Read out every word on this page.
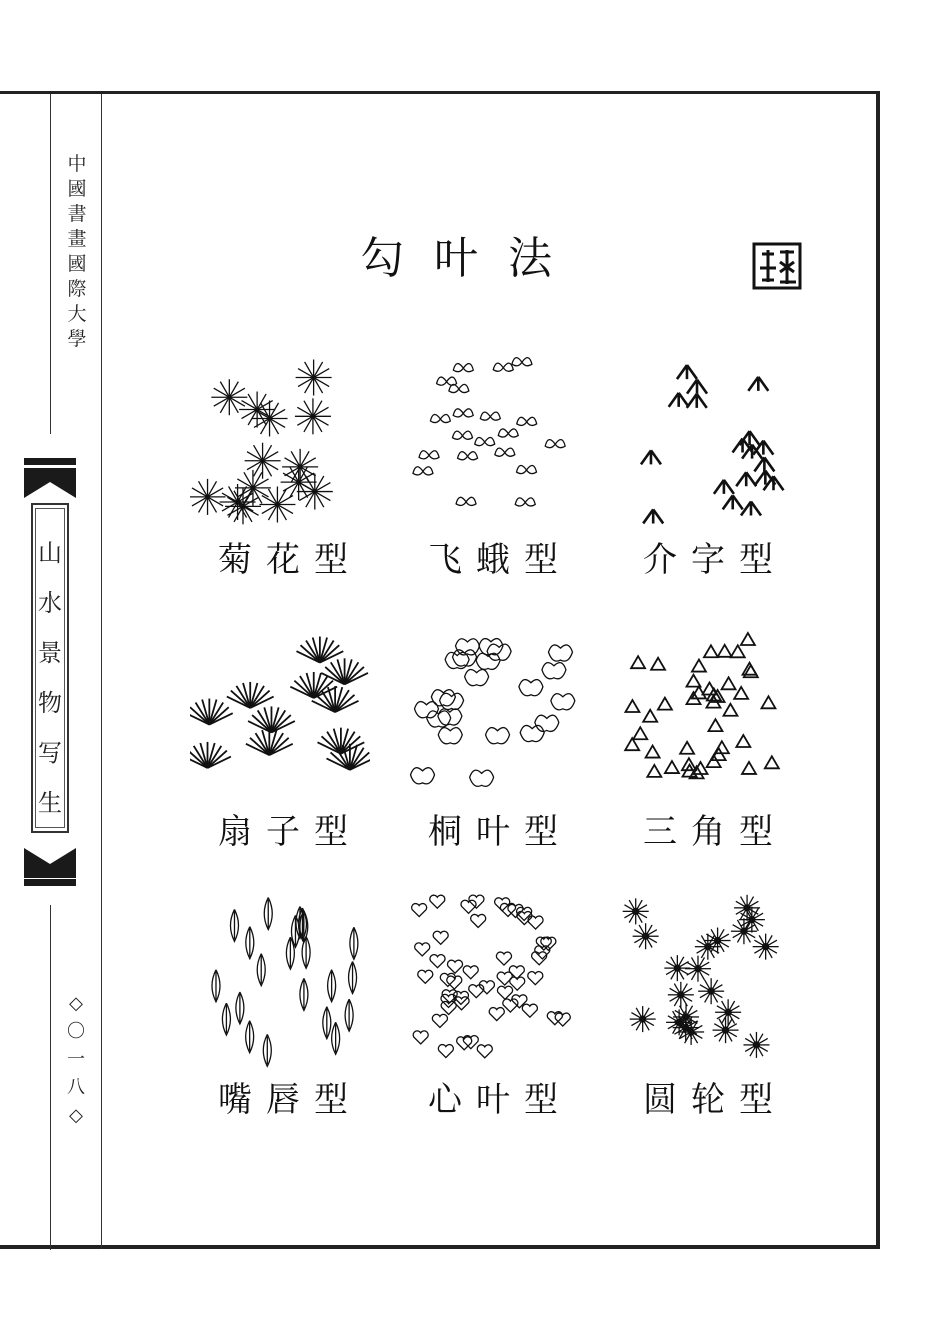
中
國
書
畫
國
際
大
學
山
水
景
物
写
生
◇
〇
一
八
◇
勾叶法
菊花型	飞蛾型	介字型
扇子型	桐叶型	三角型
嘴唇型	心叶型	圆轮型
